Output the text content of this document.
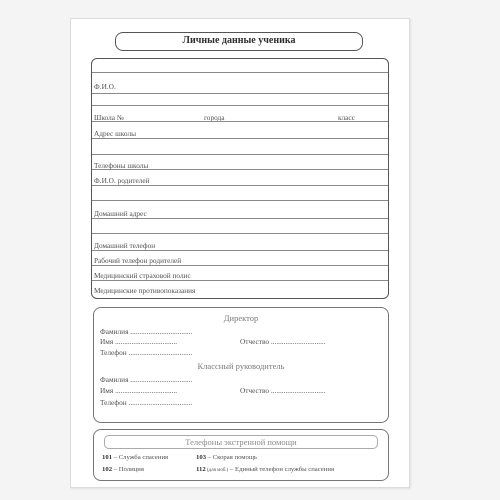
Личные данные ученика
Ф.И.О.
Школа №	города	класс
Адрес школы
Телефоны школы
Ф.И.О. родителей
Домашний адрес
Домашний телефон
Рабочий телефон родителей
Медицинский страховой полис
Медицинские противопоказания
Директор
Фамилия ..................................
Имя ..................................	Отчество ..............................
Телефон ...................................
Классный руководитель
Фамилия ..................................
Имя ..................................	Отчество ..............................
Телефон ...................................
Телефоны экстренной помощи
101 – Служба спасения	103 – Скорая помощь
102 – Полиция	112 (для моб.) – Единый телефон службы спасения
